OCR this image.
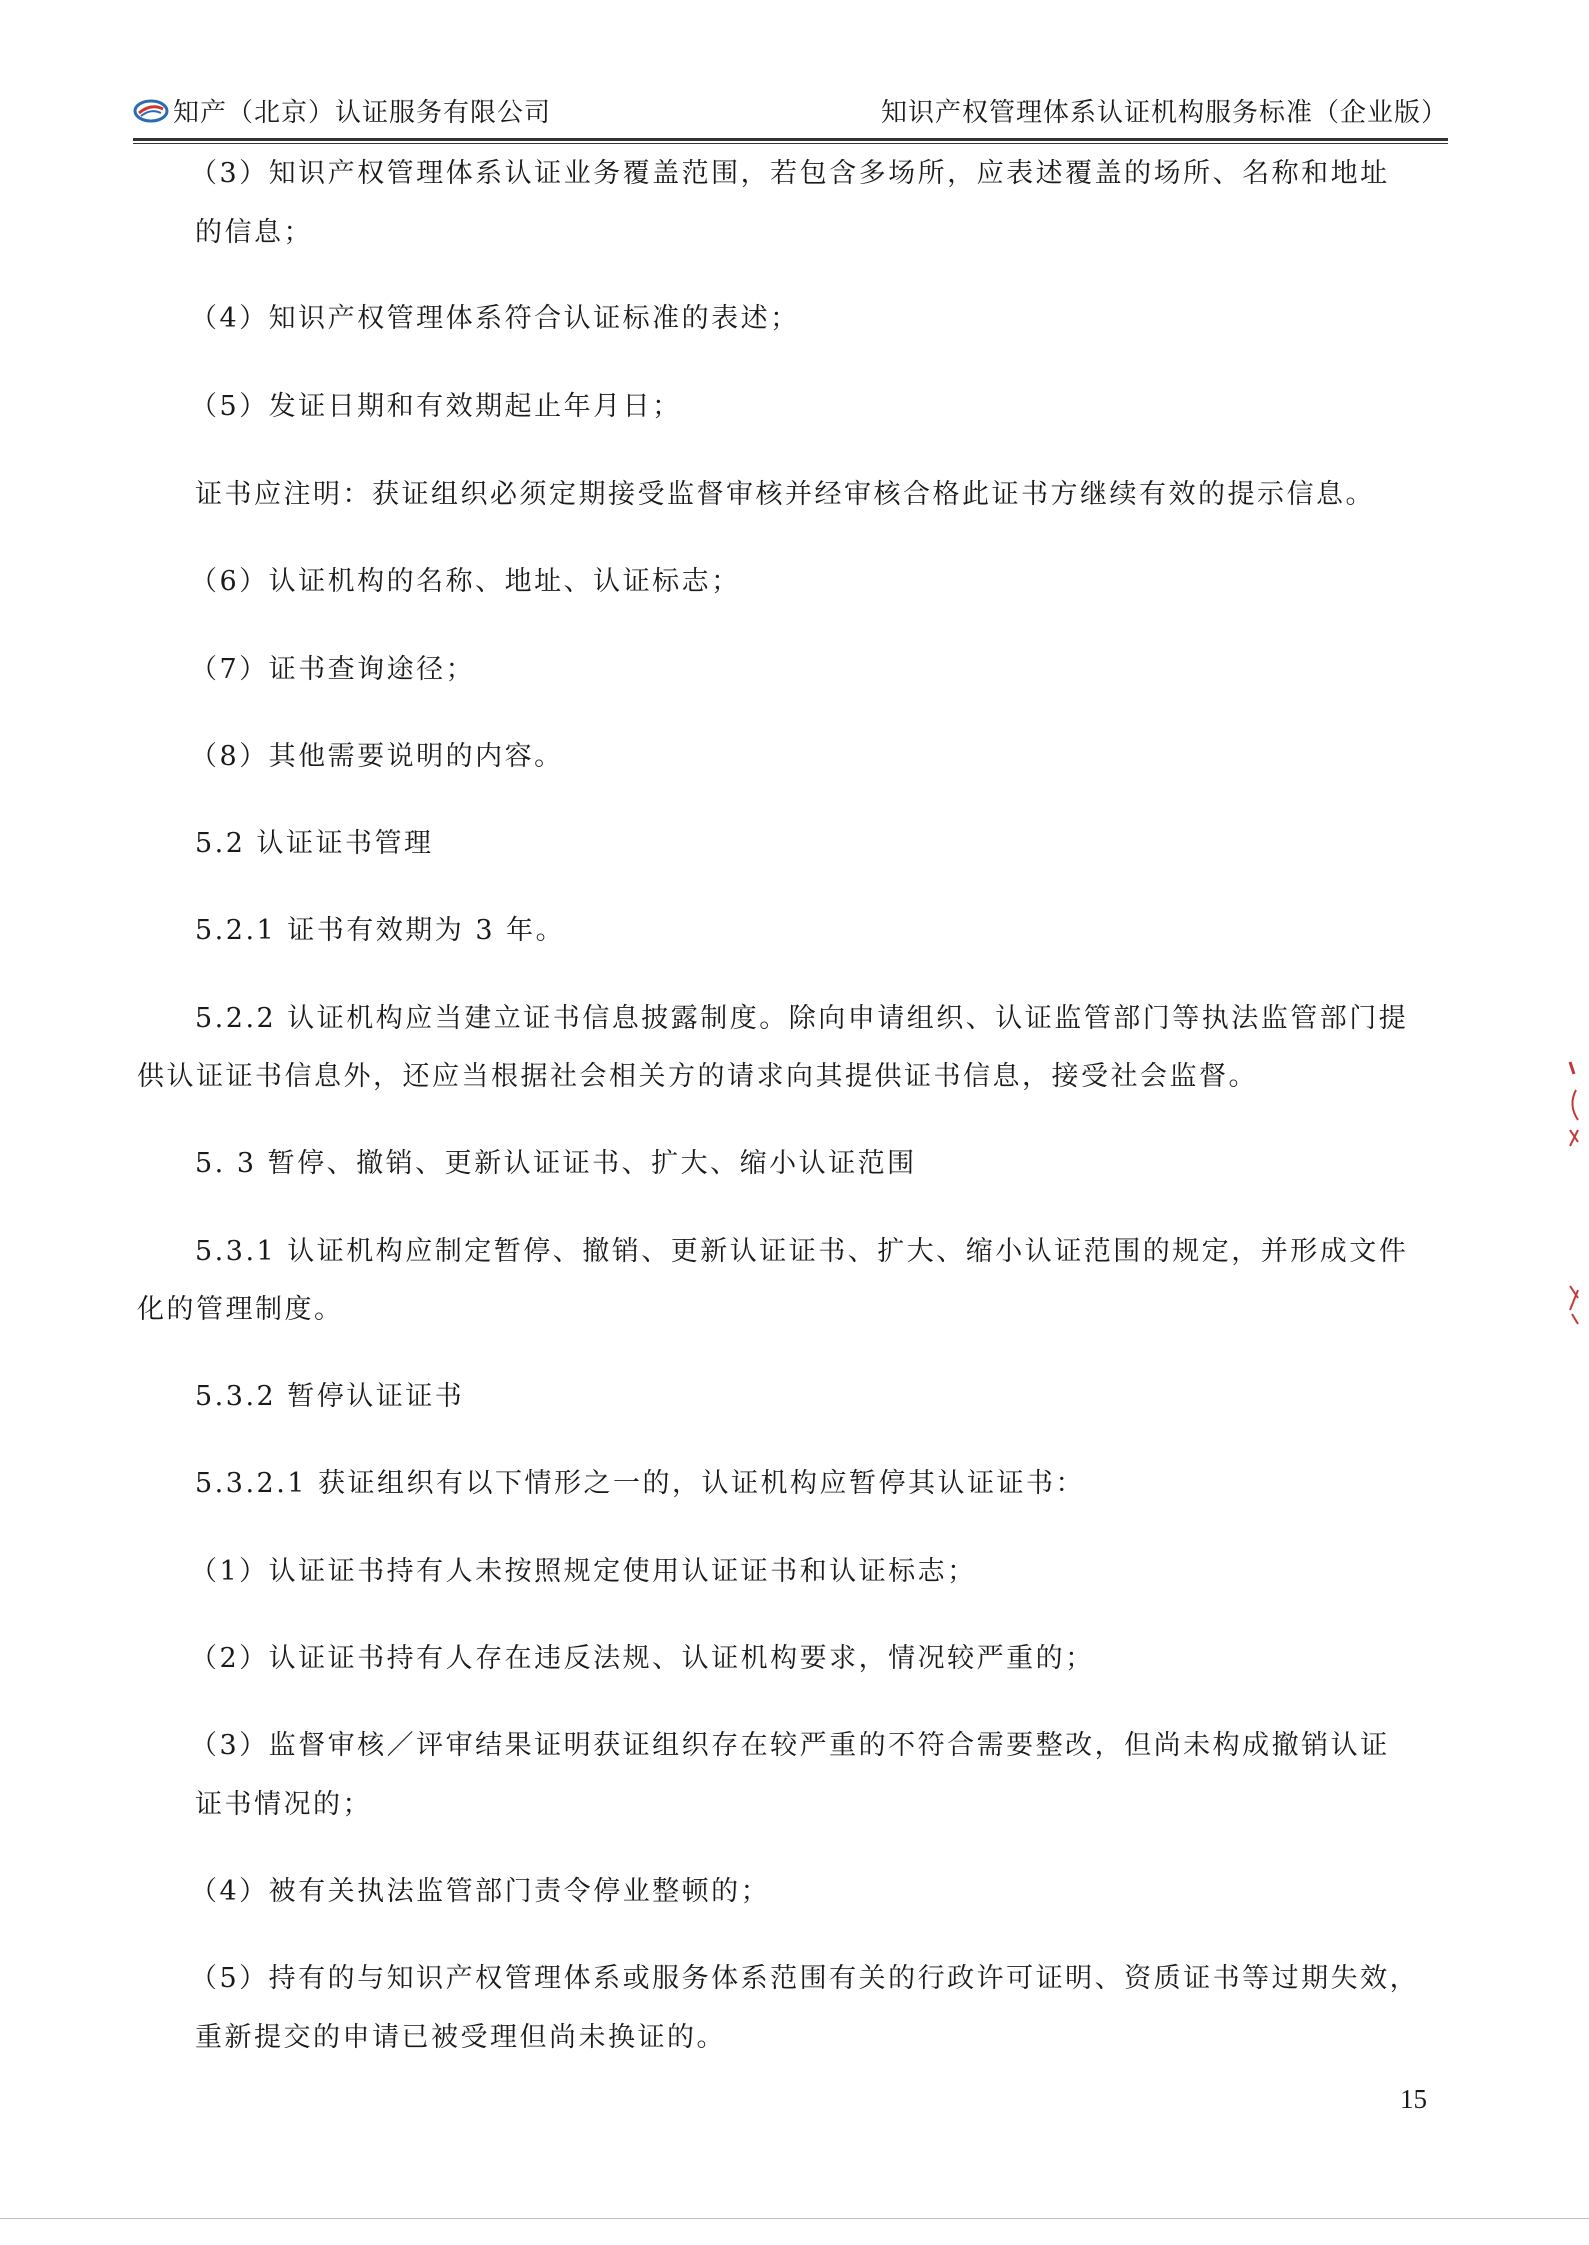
知产（北京）认证服务有限公司	知识产权管理体系认证机构服务标准（企业版）
（3）知识产权管理体系认证业务覆盖范围，若包含多场所，应表述覆盖的场所、名称和地址
的信息；
（4）知识产权管理体系符合认证标准的表述；
（5）发证日期和有效期起止年月日；
证书应注明：获证组织必须定期接受监督审核并经审核合格此证书方继续有效的提示信息。
（6）认证机构的名称、地址、认证标志；
（7）证书查询途径；
（8）其他需要说明的内容。
5.2 认证证书管理
5.2.1 证书有效期为 3 年。
5.2.2 认证机构应当建立证书信息披露制度。除向申请组织、认证监管部门等执法监管部门提
供认证证书信息外，还应当根据社会相关方的请求向其提供证书信息，接受社会监督。
5. 3 暂停、撤销、更新认证证书、扩大、缩小认证范围
5.3.1 认证机构应制定暂停、撤销、更新认证证书、扩大、缩小认证范围的规定，并形成文件
化的管理制度。
5.3.2 暂停认证证书
5.3.2.1 获证组织有以下情形之一的，认证机构应暂停其认证证书：
（1）认证证书持有人未按照规定使用认证证书和认证标志；
（2）认证证书持有人存在违反法规、认证机构要求，情况较严重的；
（3）监督审核／评审结果证明获证组织存在较严重的不符合需要整改，但尚未构成撤销认证
证书情况的；
（4）被有关执法监管部门责令停业整顿的；
（5）持有的与知识产权管理体系或服务体系范围有关的行政许可证明、资质证书等过期失效，
重新提交的申请已被受理但尚未换证的。
15
